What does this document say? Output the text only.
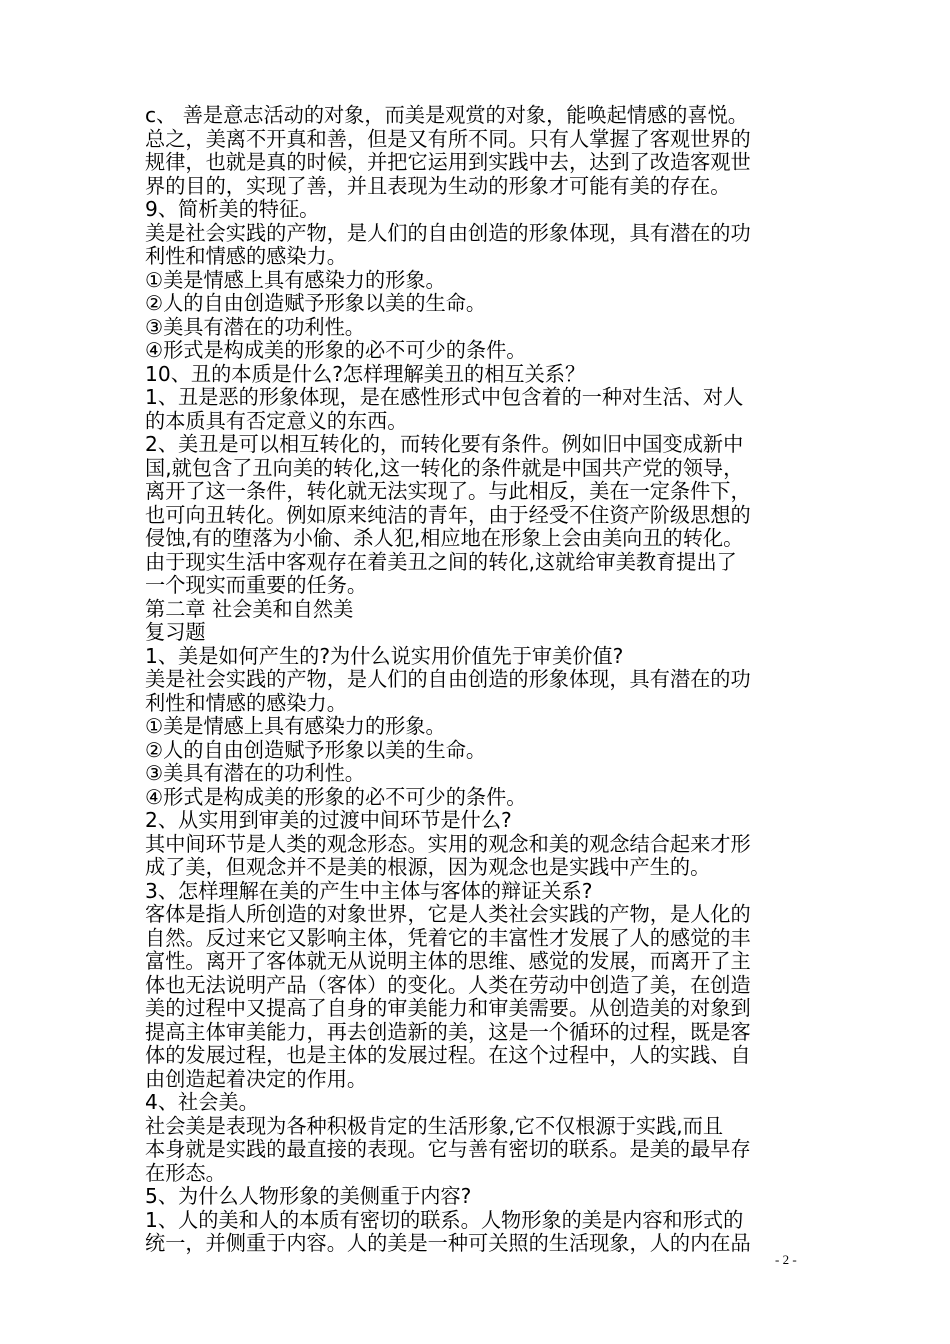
c、 善是意志活动的对象，而美是观赏的对象，能唤起情感的喜悦。
总之，美离不开真和善，但是又有所不同。只有人掌握了客观世界的
规律，也就是真的时候，并把它运用到实践中去，达到了改造客观世
界的目的，实现了善，并且表现为生动的形象才可能有美的存在。
9、简析美的特征。
美是社会实践的产物，是人们的自由创造的形象体现，具有潜在的功
利性和情感的感染力。
①美是情感上具有感染力的形象。
②人的自由创造赋予形象以美的生命。
③美具有潜在的功利性。
④形式是构成美的形象的必不可少的条件。
10、丑的本质是什么?怎样理解美丑的相互关系？
1、丑是恶的形象体现，是在感性形式中包含着的一种对生活、对人
的本质具有否定意义的东西。
2、美丑是可以相互转化的，而转化要有条件。例如旧中国变成新中
国,就包含了丑向美的转化,这一转化的条件就是中国共产党的领导，
离开了这一条件，转化就无法实现了。与此相反，美在一定条件下，
也可向丑转化。例如原来纯洁的青年，由于经受不住资产阶级思想的
侵蚀,有的堕落为小偷、杀人犯,相应地在形象上会由美向丑的转化。
由于现实生活中客观存在着美丑之间的转化,这就给审美教育提出了
一个现实而重要的任务。
第二章 社会美和自然美
复习题
1、美是如何产生的?为什么说实用价值先于审美价值?
美是社会实践的产物，是人们的自由创造的形象体现，具有潜在的功
利性和情感的感染力。
①美是情感上具有感染力的形象。
②人的自由创造赋予形象以美的生命。
③美具有潜在的功利性。
④形式是构成美的形象的必不可少的条件。
2、从实用到审美的过渡中间环节是什么?
其中间环节是人类的观念形态。实用的观念和美的观念结合起来才形
成了美，但观念并不是美的根源，因为观念也是实践中产生的。
3、怎样理解在美的产生中主体与客体的辩证关系?
客体是指人所创造的对象世界，它是人类社会实践的产物，是人化的
自然。反过来它又影响主体，凭着它的丰富性才发展了人的感觉的丰
富性。离开了客体就无从说明主体的思维、感觉的发展，而离开了主
体也无法说明产品（客体）的变化。人类在劳动中创造了美，在创造
美的过程中又提高了自身的审美能力和审美需要。从创造美的对象到
提高主体审美能力，再去创造新的美，这是一个循环的过程，既是客
体的发展过程，也是主体的发展过程。在这个过程中，人的实践、自
由创造起着决定的作用。
4、社会美。
社会美是表现为各种积极肯定的生活形象,它不仅根源于实践,而且
本身就是实践的最直接的表现。它与善有密切的联系。是美的最早存
在形态。
5、为什么人物形象的美侧重于内容?
1、人的美和人的本质有密切的联系。人物形象的美是内容和形式的
统一，并侧重于内容。人的美是一种可关照的生活现象，人的内在品
- 2 -
